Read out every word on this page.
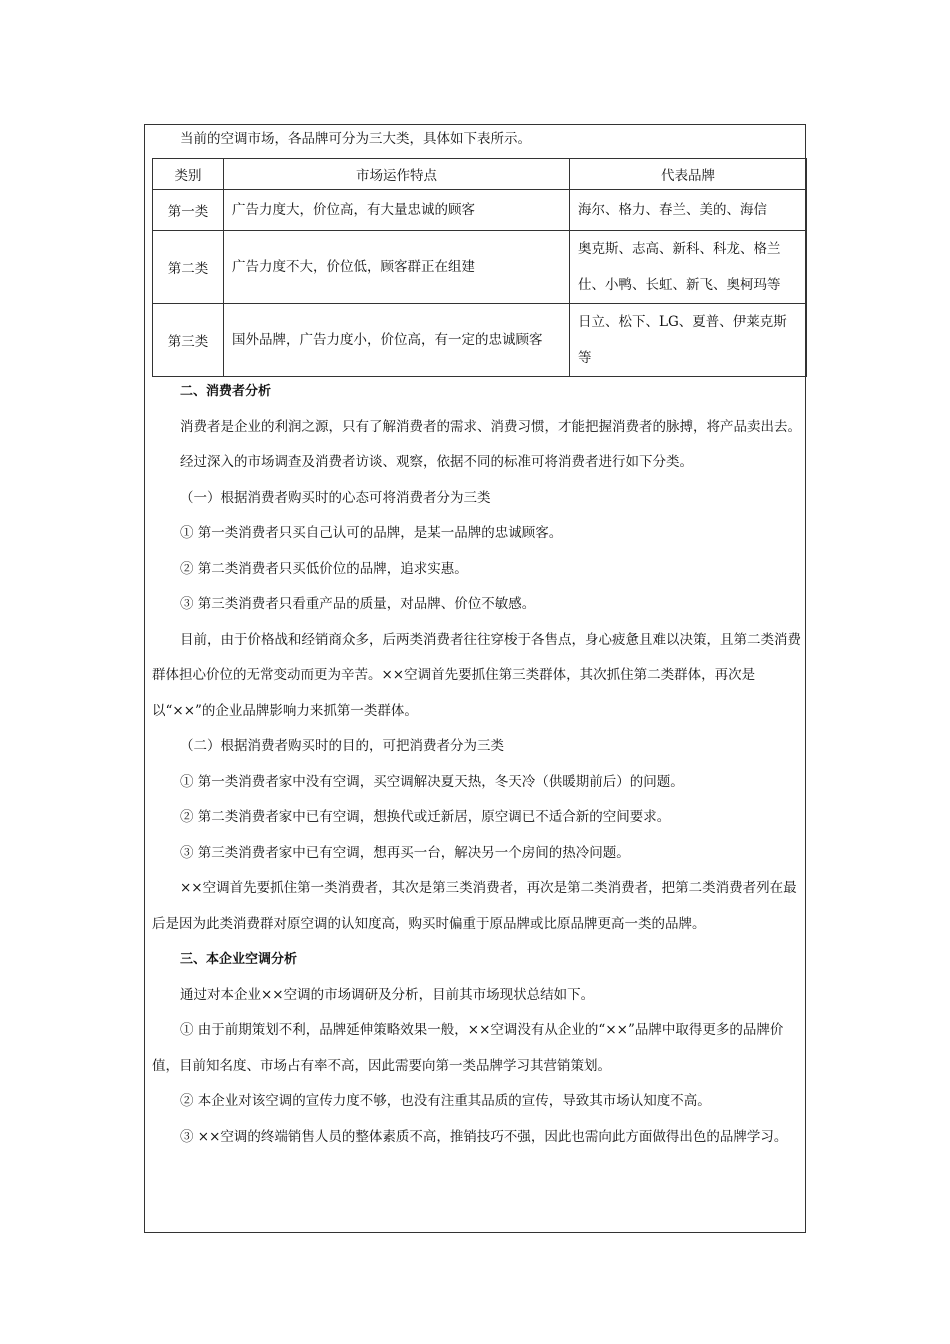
当前的空调市场，各品牌可分为三大类，具体如下表所示。
类别	市场运作特点	代表品牌
第一类	广告力度大，价位高，有大量忠诚的顾客	海尔、格力、春兰、美的、海信
第二类	广告力度不大，价位低，顾客群正在组建	奥克斯、志高、新科、科龙、格兰仕、小鸭、长虹、新飞、奥柯玛等
第三类	国外品牌，广告力度小，价位高，有一定的忠诚顾客	日立、松下、LG、夏普、伊莱克斯等

二、消费者分析

消费者是企业的利润之源，只有了解消费者的需求、消费习惯，才能把握消费者的脉搏，将产品卖出去。

经过深入的市场调查及消费者访谈、观察，依据不同的标准可将消费者进行如下分类。

（一）根据消费者购买时的心态可将消费者分为三类

① 第一类消费者只买自己认可的品牌，是某一品牌的忠诚顾客。

② 第二类消费者只买低价位的品牌，追求实惠。

③ 第三类消费者只看重产品的质量，对品牌、价位不敏感。

目前，由于价格战和经销商众多，后两类消费者往往穿梭于各售点，身心疲惫且难以决策，且第二类消费群体担心价位的无常变动而更为辛苦。××空调首先要抓住第三类群体，其次抓住第二类群体，再次是以“××”的企业品牌影响力来抓第一类群体。

（二）根据消费者购买时的目的，可把消费者分为三类

① 第一类消费者家中没有空调，买空调解决夏天热，冬天冷（供暖期前后）的问题。

② 第二类消费者家中已有空调，想换代或迁新居，原空调已不适合新的空间要求。

③ 第三类消费者家中已有空调，想再买一台，解决另一个房间的热冷问题。

××空调首先要抓住第一类消费者，其次是第三类消费者，再次是第二类消费者，把第二类消费者列在最后是因为此类消费群对原空调的认知度高，购买时偏重于原品牌或比原品牌更高一类的品牌。

三、本企业空调分析

通过对本企业××空调的市场调研及分析，目前其市场现状总结如下。

① 由于前期策划不利，品牌延伸策略效果一般，××空调没有从企业的“××”品牌中取得更多的品牌价值，目前知名度、市场占有率不高，因此需要向第一类品牌学习其营销策划。

② 本企业对该空调的宣传力度不够，也没有注重其品质的宣传，导致其市场认知度不高。

③ ××空调的终端销售人员的整体素质不高，推销技巧不强，因此也需向此方面做得出色的品牌学习。
